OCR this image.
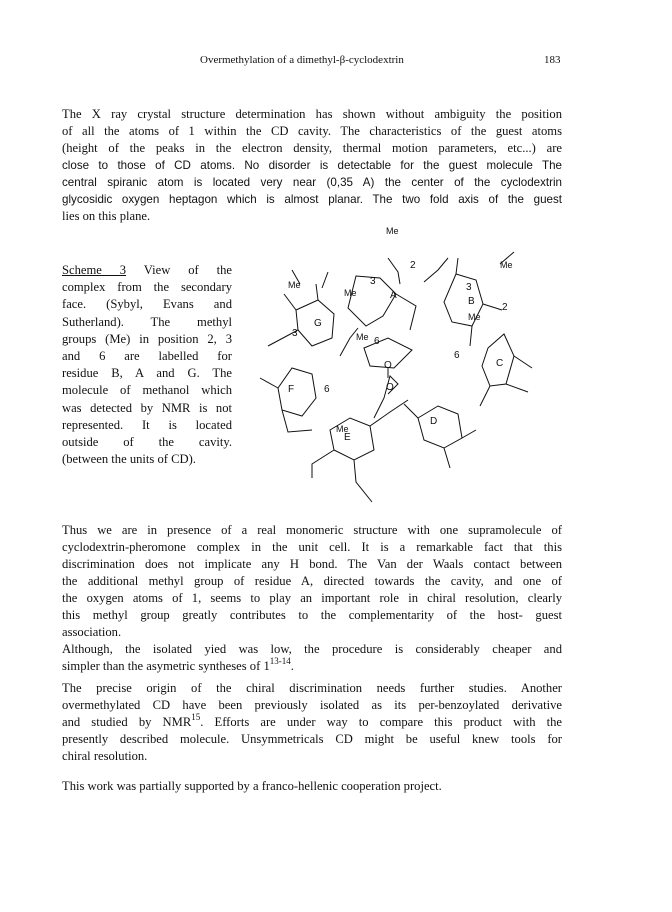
Overmethylation of a dimethyl-β-cyclodextrin	183
The X ray crystal structure determination has shown without ambiguity the position
of all the atoms of 1 within the CD cavity. The characteristics of the guest atoms
(height of the peaks in the electron density, thermal motion parameters, etc...) are
close to those of CD atoms. No disorder is detectable for the guest molecule The
central spiranic atom is located very near (0,35 A) the center of the cyclodextrin
glycosidic oxygen heptagon which is almost planar. The two fold axis of the guest
lies on this plane.
Scheme 3 View of the
complex from the secondary
face. (Sybyl, Evans and
Sutherland). The methyl
groups (Me) in position 2, 3
and 6 are labelled for
residue B, A and G. The
molecule of methanol which
was detected by NMR is not
represented. It is located
outside of the cavity.
(between the units of CD).
Me
Me
Me
Me
Me
Me
Me
3
2
3
2
6
3
6
6
A
B
C
D
E
F
G
O
O
Thus we are in presence of a real monomeric structure with one supramolecule of
cyclodextrin-pheromone complex in the unit cell. It is a remarkable fact that this
discrimination does not implicate any H bond. The Van der Waals contact between
the additional methyl group of residue A, directed towards the cavity, and one of
the oxygen atoms of 1, seems to play an important role in chiral resolution, clearly
this methyl group greatly contributes to the complementarity of the host- guest
association.
Although, the isolated yied was low, the procedure is considerably cheaper and
simpler than the asymetric syntheses of 1$^{13-14}$.
The precise origin of the chiral discrimination needs further studies. Another
overmethylated CD have been previously isolated as its per-benzoylated derivative
and studied by NMR$^{15}$. Efforts are under way to compare this product with the
presently described molecule. Unsymmetricals CD might be useful knew tools for
chiral resolution.
This work was partially supported by a franco-hellenic cooperation project.
